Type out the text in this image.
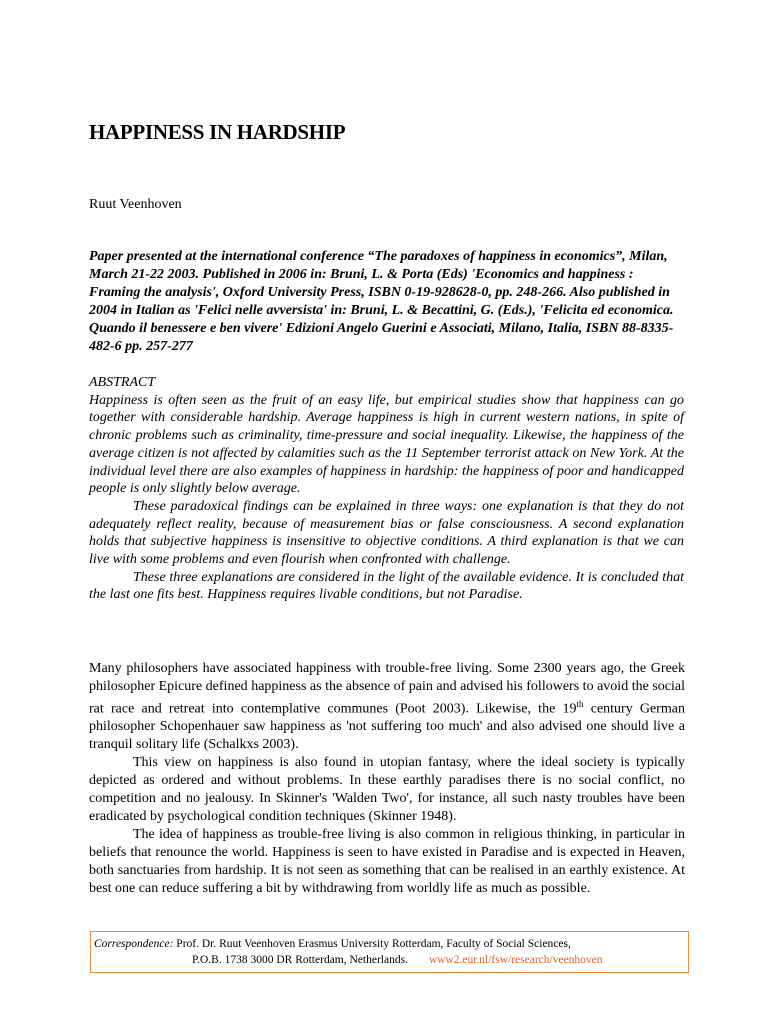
HAPPINESS IN HARDSHIP
Ruut Veenhoven
Paper presented at the international conference “The paradoxes of happiness in economics”, Milan, March 21-22 2003. Published in 2006 in: Bruni, L. & Porta (Eds) 'Economics and happiness : Framing the analysis', Oxford University Press, ISBN 0-19-928628-0, pp. 248-266. Also published in 2004 in Italian as 'Felici nelle avversista' in: Bruni, L. & Becattini, G. (Eds.), 'Felicita ed economica. Quando il benessere e ben vivere' Edizioni Angelo Guerini e Associati, Milano, Italia, ISBN 88-8335-482-6 pp. 257-277
ABSTRACT

Happiness is often seen as the fruit of an easy life, but empirical studies show that happiness can go together with considerable hardship. Average happiness is high in current western nations, in spite of chronic problems such as criminality, time-pressure and social inequality. Likewise, the happiness of the average citizen is not affected by calamities such as the 11 September terrorist attack on New York. At the individual level there are also examples of happiness in hardship: the happiness of poor and handicapped people is only slightly below average.

These paradoxical findings can be explained in three ways: one explanation is that they do not adequately reflect reality, because of measurement bias or false consciousness. A second explanation holds that subjective happiness is insensitive to objective conditions. A third explanation is that we can live with some problems and even flourish when confronted with challenge.

These three explanations are considered in the light of the available evidence. It is concluded that the last one fits best. Happiness requires livable conditions, but not Paradise.

Many philosophers have associated happiness with trouble-free living. Some 2300 years ago, the Greek philosopher Epicure defined happiness as the absence of pain and advised his followers to avoid the social rat race and retreat into contemplative communes (Poot 2003). Likewise, the 19th century German philosopher Schopenhauer saw happiness as 'not suffering too much' and also advised one should live a tranquil solitary life (Schalkxs 2003).

This view on happiness is also found in utopian fantasy, where the ideal society is typically depicted as ordered and without problems. In these earthly paradises there is no social conflict, no competition and no jealousy. In Skinner's 'Walden Two', for instance, all such nasty troubles have been eradicated by psychological condition techniques (Skinner 1948).

The idea of happiness as trouble-free living is also common in religious thinking, in particular in beliefs that renounce the world. Happiness is seen to have existed in Paradise and is expected in Heaven, both sanctuaries from hardship. It is not seen as something that can be realised in an earthly existence. At best one can reduce suffering a bit by withdrawing from worldly life as much as possible.

Correspondence: Prof. Dr. Ruut Veenhoven Erasmus University Rotterdam, Faculty of Social Sciences,
P.O.B. 1738 3000 DR Rotterdam, Netherlands. www2.eur.nl/fsw/research/veenhoven
